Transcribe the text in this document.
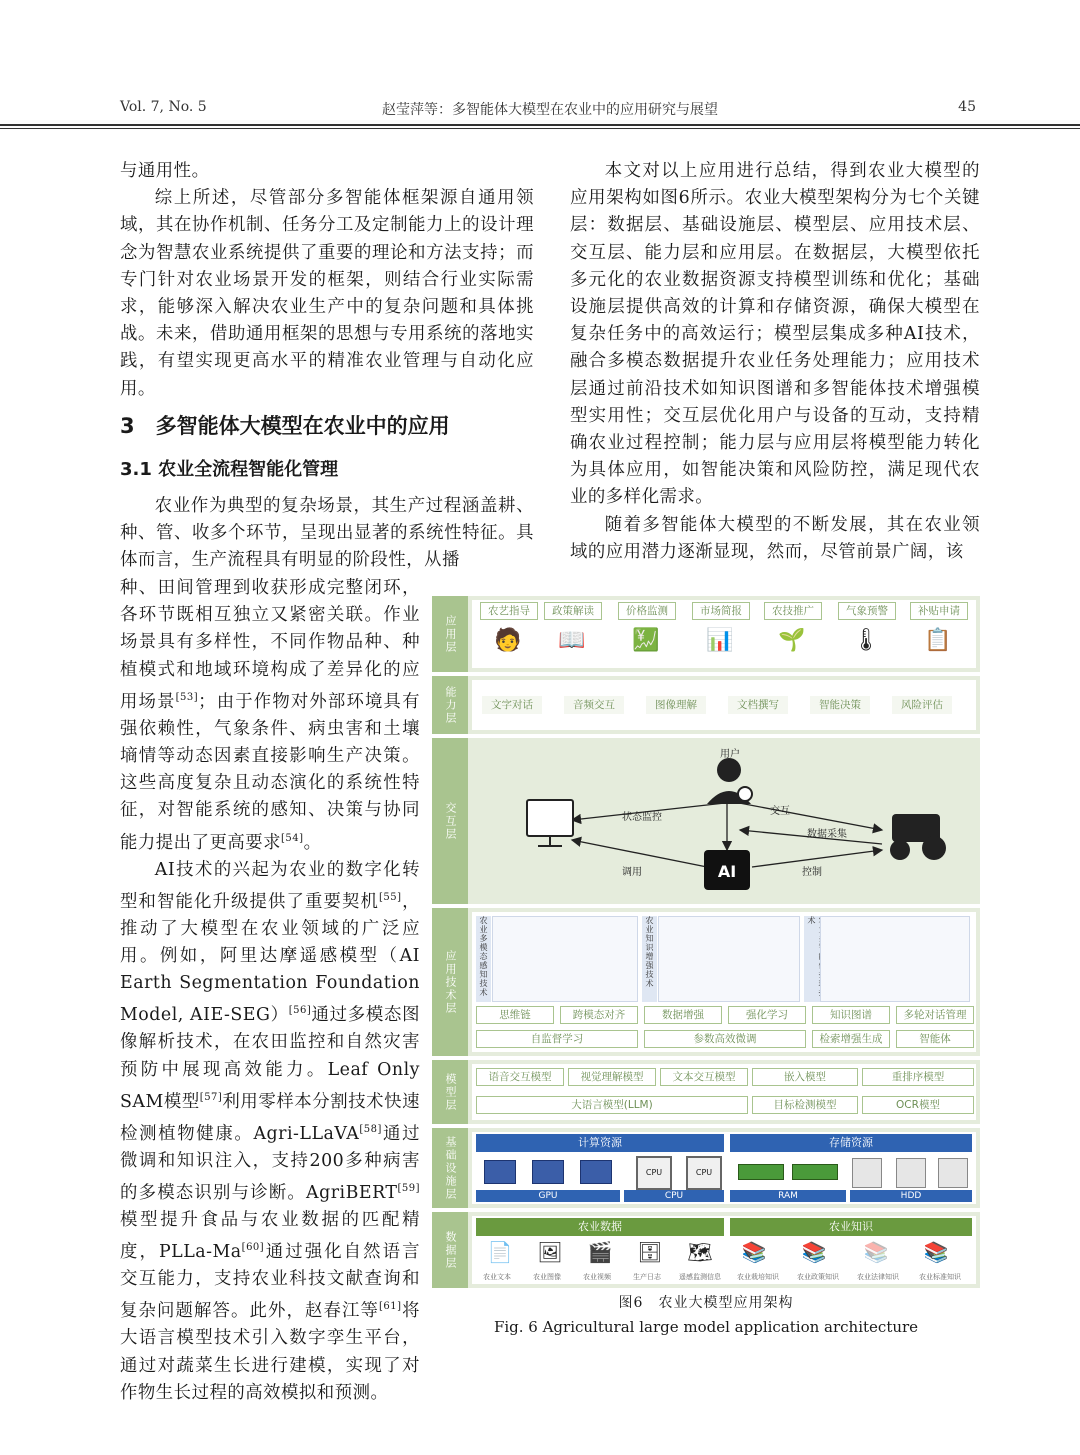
Vol. 7, No. 5	赵莹萍等：多智能体大模型在农业中的应用研究与展望	45

与通用性。

综上所述，尽管部分多智能体框架源自通用领域，其在协作机制、任务分工及定制能力上的设计理念为智慧农业系统提供了重要的理论和方法支持；而专门针对农业场景开发的框架，则结合行业实际需求，能够深入解决农业生产中的复杂问题和具体挑战。未来，借助通用框架的思想与专用系统的落地实践，有望实现更高水平的精准农业管理与自动化应用。

3　多智能体大模型在农业中的应用
3.1 农业全流程智能化管理

农业作为典型的复杂场景，其生产过程涵盖耕、种、管、收多个环节，呈现出显著的系统性特征。具体而言，生产流程具有明显的阶段性，从播

种、田间管理到收获形成完整闭环，各环节既相互独立又紧密关联。作业场景具有多样性，不同作物品种、种植模式和地域环境构成了差异化的应用场景[53]；由于作物对外部环境具有强依赖性，气象条件、病虫害和土壤墒情等动态因素直接影响生产决策。这些高度复杂且动态演化的系统性特征，对智能系统的感知、决策与协同能力提出了更高要求[54]。

AI技术的兴起为农业的数字化转型和智能化升级提供了重要契机[55]，推动了大模型在农业领域的广泛应用。例如，阿里达摩遥感模型（AI Earth Segmentation Foundation Model, AIE-SEG）[56]通过多模态图像解析技术，在农田监控和自然灾害预防中展现高效能力。Leaf Only SAM模型[57]利用零样本分割技术快速检测植物健康。Agri-LLaVA[58]通过微调和知识注入，支持200多种病害的多模态识别与诊断。AgriBERT[59]模型提升食品与农业数据的匹配精度，PLLa-Ma[60]通过强化自然语言交互能力，支持农业科技文献查询和复杂问题解答。此外，赵春江等[61]将大语言模型技术引入数字孪生平台，通过对蔬菜生长进行建模，实现了对作物生长过程的高效模拟和预测。

本文对以上应用进行总结，得到农业大模型的应用架构如图6所示。农业大模型架构分为七个关键层：数据层、基础设施层、模型层、应用技术层、交互层、能力层和应用层。在数据层，大模型依托多元化的农业数据资源支持模型训练和优化；基础设施层提供高效的计算和存储资源，确保大模型在复杂任务中的高效运行；模型层集成多种AI技术，融合多模态数据提升农业任务处理能力；应用技术层通过前沿技术如知识图谱和多智能体技术增强模型实用性；交互层优化用户与设备的互动，支持精确农业过程控制；能力层与应用层将模型能力转化为具体应用，如智能决策和风险防控，满足现代农业的多样化需求。

随着多智能体大模型的不断发展，其在农业领域的应用潜力逐渐显现，然而，尽管前景广阔，该

应用层
农艺指导	政策解读	价格监测	市场简报	农技推广	气象预警	补贴申请
🧑 📖 💹 📊 🌱 🌡 📋
能力层	文字对话	音频交互	图像理解	文档撰写	智能决策	风险评估
交互层
AI
用户
状态监控
交互
数据采集
调用	控制
应用技术层	农业多模态感知技术	农业知识增强技术	术
思维链	跨模态对齐	数据增强	强化学习	知识图谱	多轮对话管理
自监督学习	参数高效微调	检索增强生成	智能体
模型层	语音交互模型	视觉理解模型	文本交互模型	嵌入模型	重排序模型
大语言模型(LLM)	目标检测模型	OCR模型
基础设施层	计算资源	存储资源
CPU	CPU
GPU	CPU	RAM	HDD
数据层
农业数据	农业知识
📄	🖼	🎬	🗄	🗺	📚	📚	📚	📚
农业文本	农业图像	农业视频	生产日志	遥感监测信息	农业栽培知识	农业政策知识	农业法律知识	农业标准知识
图6　农业大模型应用架构
Fig. 6 Agricultural large model application architecture
